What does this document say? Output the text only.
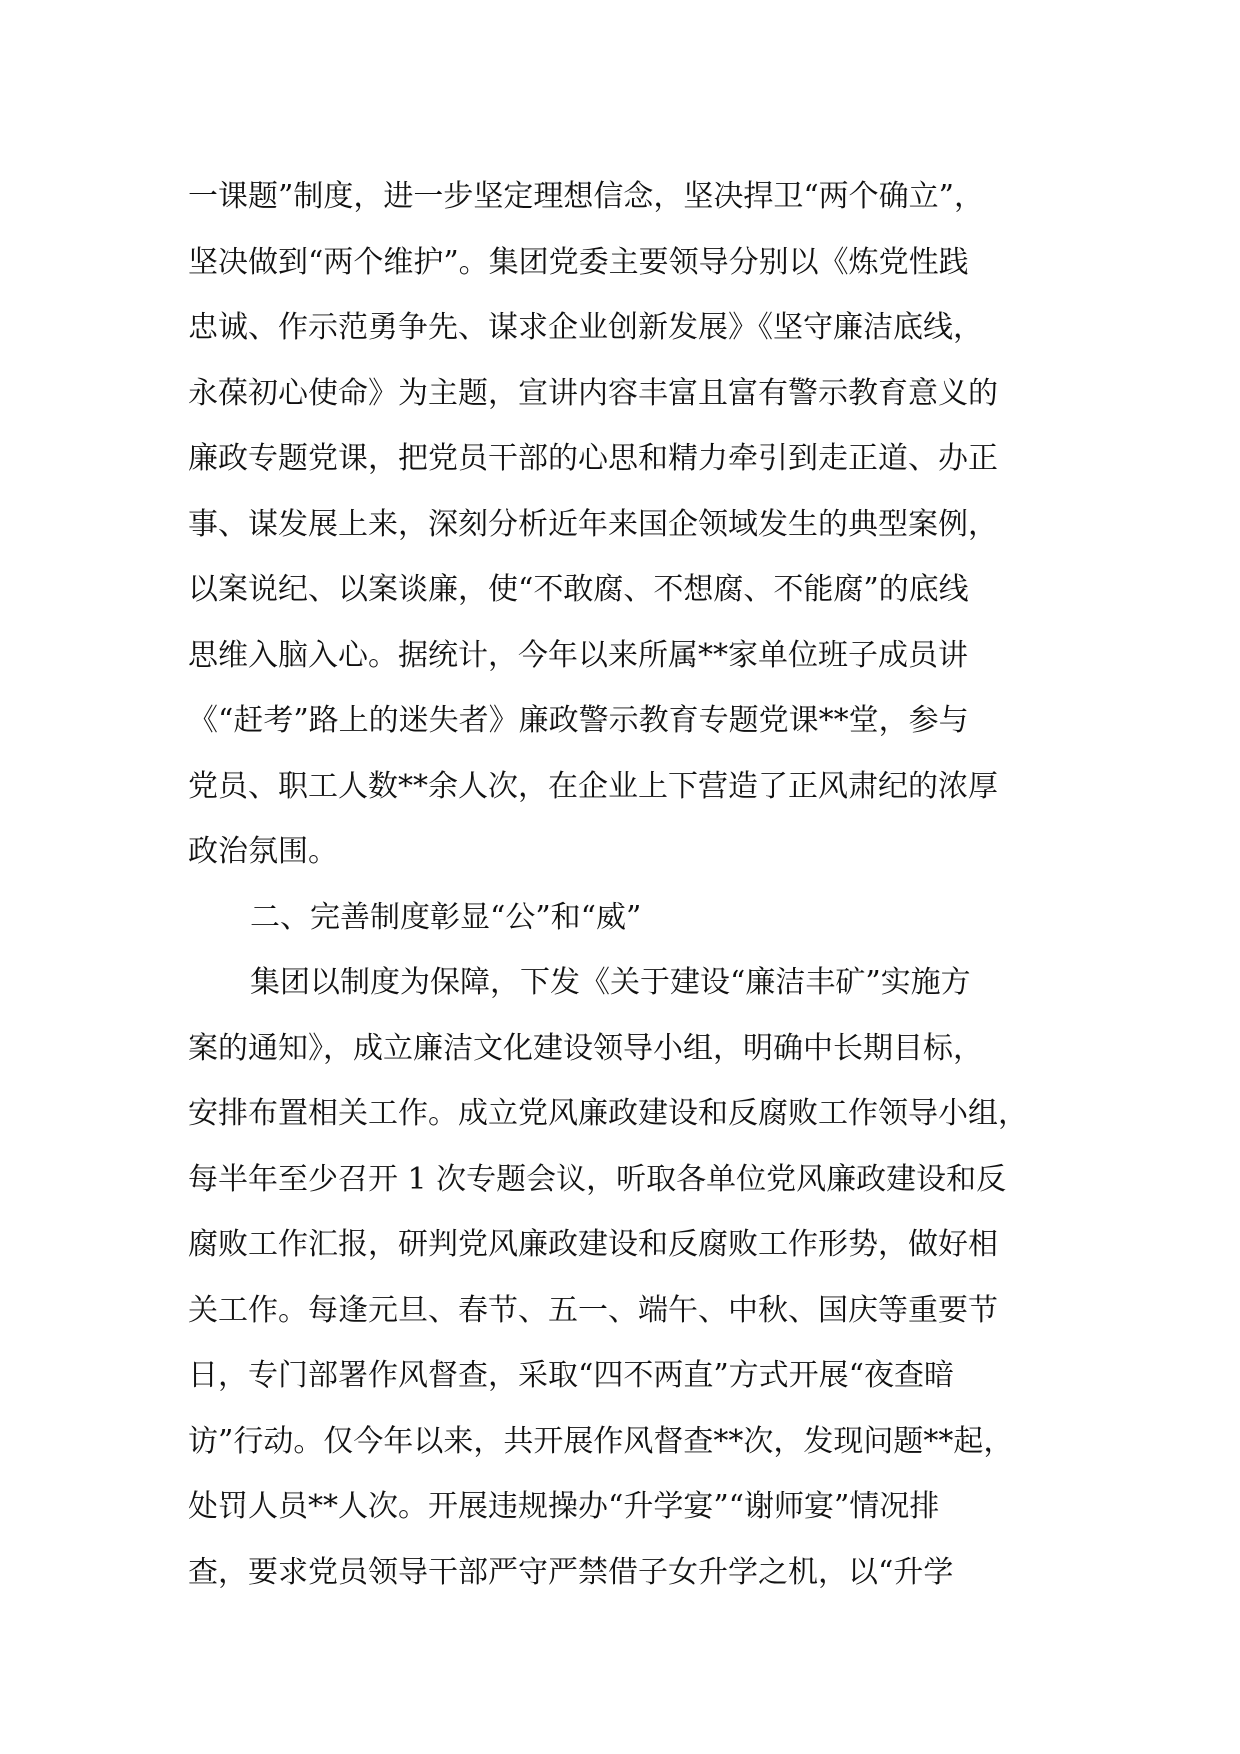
一课题”制度，进一步坚定理想信念，坚决捍卫“两个确立”，
坚决做到“两个维护”。集团党委主要领导分别以《炼党性践
忠诚、作示范勇争先、谋求企业创新发展》《坚守廉洁底线，
永葆初心使命》为主题，宣讲内容丰富且富有警示教育意义的
廉政专题党课，把党员干部的心思和精力牵引到走正道、办正
事、谋发展上来，深刻分析近年来国企领域发生的典型案例，
以案说纪、以案谈廉，使“不敢腐、不想腐、不能腐”的底线
思维入脑入心。据统计，今年以来所属**家单位班子成员讲
《“赶考”路上的迷失者》廉政警示教育专题党课**堂，参与
党员、职工人数**余人次，在企业上下营造了正风肃纪的浓厚
政治氛围。
二、完善制度彰显“公”和“威”
集团以制度为保障，下发《关于建设“廉洁丰矿”实施方
案的通知》，成立廉洁文化建设领导小组，明确中长期目标，
安排布置相关工作。成立党风廉政建设和反腐败工作领导小组，
每半年至少召开 1 次专题会议，听取各单位党风廉政建设和反
腐败工作汇报，研判党风廉政建设和反腐败工作形势，做好相
关工作。每逢元旦、春节、五一、端午、中秋、国庆等重要节
日，专门部署作风督查，采取“四不两直”方式开展“夜查暗
访”行动。仅今年以来，共开展作风督查**次，发现问题**起，
处罚人员**人次。开展违规操办“升学宴”“谢师宴”情况排
查，要求党员领导干部严守严禁借子女升学之机，以“升学
